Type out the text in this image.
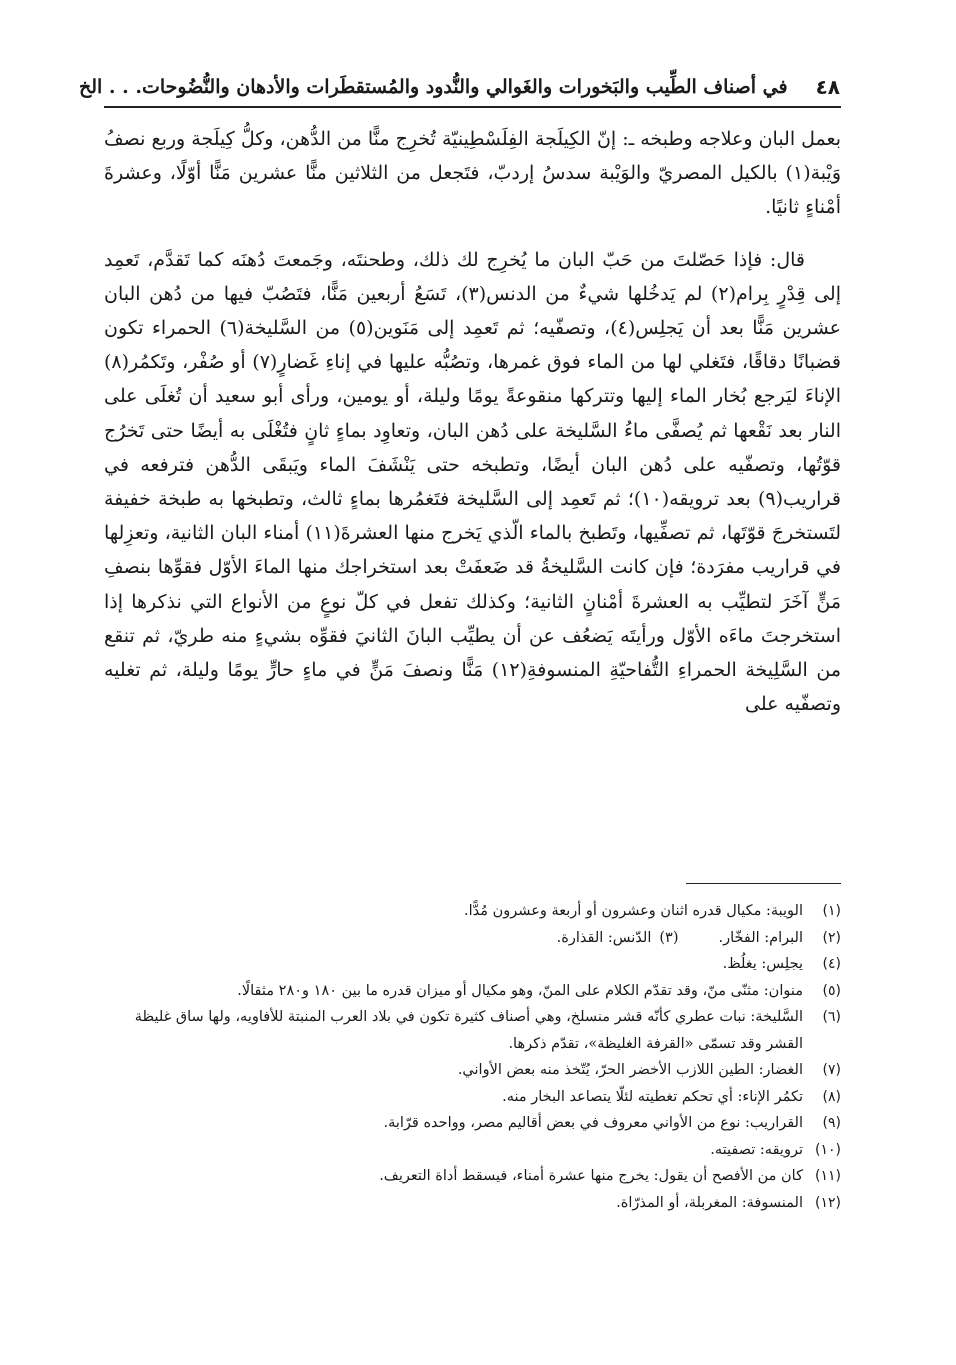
٤٨
في أصناف الطِّيب والبَخورات والغَوالي والنُّدود والمُستقطَرات والأدهان والنُّضُوحات. . . الخ

بعمل البان وعلاجه وطبخه ـ: إنّ الكِيلَجة الفِلَسْطِينيّة تُخرِج منًّا من الدُّهن، وكلُّ كِيلَجة وربع نصفُ وَيْبة(١) بالكيل المصريّ والوَيْبة سدسُ إردبّ، فتَجعل من الثلاثين منًّا عشرين مَنًّا أوّلًا، وعشرةَ أمْناءٍ ثانيًا.

قال: فإذا حَصّلتَ من حَبّ البان ما يُخرِج لك ذلك، وطحنتَه، وجَمعتَ دُهنَه كما تَقدَّم، تَعمِد إلى قِدْرٍ بِرام(٢) لم يَدخُلها شيءٌ من الدنس(٣)، تَسَعُ أربعين مَنًّا، فتَصُبّ فيها من دُهن البان عشرين مَنًّا بعد أن يَجلِس(٤)، وتصفّيه؛ ثم تَعمِد إلى مَنَوين(٥) من السَّليخة(٦) الحمراء تكون قضبانًا دقاقًا، فتَغلي لها من الماء فوق غمرها، وتصُبُّه عليها في إناءِ غَضارٍ(٧) أو صُفْر، وتَكمُر(٨) الإناءَ ليَرجع بُخار الماء إليها وتتركها منقوعةً يومًا وليلة، أو يومين، ورأى أبو سعيد أن تُغلَى على النار بعد نَقْعها ثم يُصفَّى ماءُ السَّليخة على دُهن البان، وتعاوِد بماءٍ ثانٍ فتُغْلَى به أيضًا حتى تَخرُج قوّتُها، وتصفّيه على دُهن البان أيضًا، وتطبخه حتى يَنْشَفَ الماء ويَبقَى الدُّهن فترفعه في قراريب(٩) بعد ترويقه(١٠)؛ ثم تَعمِد إلى السَّليخة فتَغمُرها بماءٍ ثالث، وتطبخها به طبخة خفيفة لتَستخرجَ قوّتَها، ثم تصفِّيها، وتَطبخ بالماء الّذي يَخرج منها العشرةَ(١١) أمناء البان الثانية، وتعزِلها في قراريب مفرَدة؛ فإن كانت السَّليخةُ قد ضَعفَتْ بعد استخراجك منها الماءَ الأوّل فقوِّها بنصفِ مَنٍّ آخَرَ لتطيِّب به العشرةَ أمْنانٍ الثانية؛ وكذلك تفعل في كلّ نوعٍ من الأنواع التي نذكرها إذا استخرجتَ ماءَه الأوّل ورأيتَه يَضعُف عن أن يطيِّب البانَ الثانيَ فقوِّه بشيءٍ منه طريّ، ثم تنقع من السَّلِيخة الحمراءِ التُّفاحيّةِ المنسوفةِ(١٢) مَنًّا ونصفَ مَنٍّ في ماءٍ حارٍّ يومًا وليلة، ثم تغليه وتصفّيه على

(١)
الويبة: مكيال قدره اثنان وعشرون أو أربعة وعشرون مُدًّا.
(٢)
البرام: الفخّار.
(٣)
الدّنس: القذارة.
(٤)
يجلِس: يغلُظ.
(٥)
منوان: مثنّى منّ، وقد تقدّم الكلام على المنّ، وهو مكيال أو ميزان قدره ما بين ١٨٠ و٢٨٠ مثقالًا.
(٦)
السَّليخة: نبات عطري كأنّه قشر منسلخ، وهي أصناف كثيرة تكون في بلاد العرب المنبتة للأفاويه، ولها ساق غليظة القشر وقد تسمّى «القرفة الغليظة»، تقدّم ذكرها.
(٧)
الغضار: الطين اللازب الأخضر الحرّ، يُتّخذ منه بعض الأواني.
(٨)
تكمُر الإناء: أي تحكم تغطيته لئلّا يتصاعد البخار منه.
(٩)
القراريب: نوع من الأواني معروف في بعض أقاليم مصر، وواحده قرّابة.
(١٠)
ترويقه: تصفيته.
(١١)
كان من الأفصح أن يقول: يخرج منها عشرة أمناء، فيسقط أداة التعريف.
(١٢)
المنسوفة: المغربلة، أو المذرّاة.
